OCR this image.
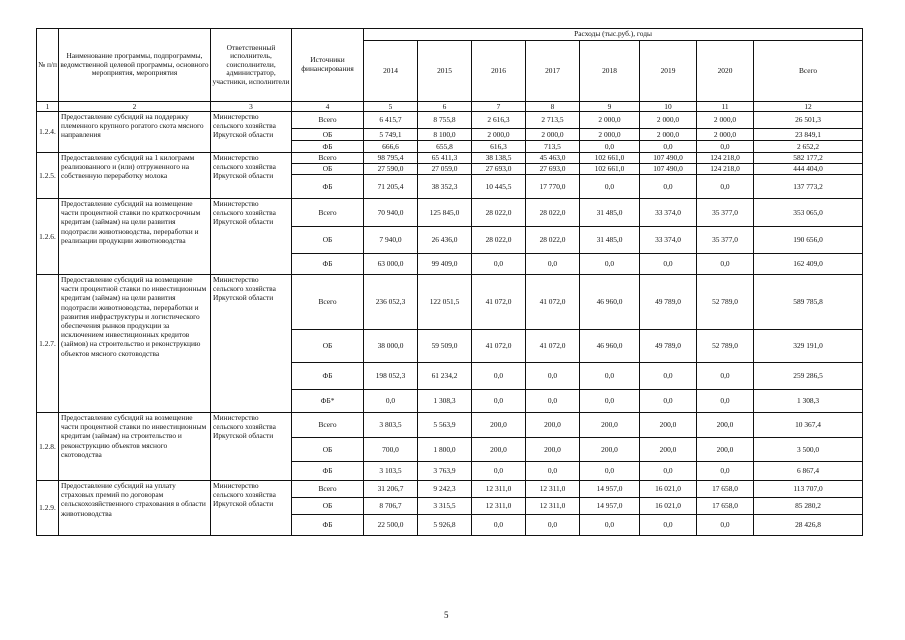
№ п/п	Наименование программы, подпрограммы, ведомственной целевой программы, основного мероприятия, мероприятия	Ответственный исполнитель, соисполнители, администратор, участники, исполнители	Источники финансирования	Расходы (тыс.руб.), годы							
				2014	2015	2016	2017	2018	2019	2020	Всего
1	2	3	4	5	6	7	8	9	10	11	12
1.2.4.	Предоставление субсидий на поддержку племенного крупного рогатого скота мясного направления	Министерство сельского хозяйства Иркутской области	Всего	6 415,7	8 755,8	2 616,3	2 713,5	2 000,0	2 000,0	2 000,0	26 501,3
			ОБ	5 749,1	8 100,0	2 000,0	2 000,0	2 000,0	2 000,0	2 000,0	23 849,1
			ФБ	666,6	655,8	616,3	713,5	0,0	0,0	0,0	2 652,2
1.2.5.	Предоставление субсидий на 1 килограмм реализованного и (или) отгруженного на собственную переработку молока	Министерство сельского хозяйства Иркутской области	Всего	98 795,4	65 411,3	38 138,5	45 463,0	102 661,0	107 490,0	124 218,0	582 177,2
			ОБ	27 590,0	27 059,0	27 693,0	27 693,0	102 661,0	107 490,0	124 218,0	444 404,0
			ФБ	71 205,4	38 352,3	10 445,5	17 770,0	0,0	0,0	0,0	137 773,2
1.2.6.	Предоставление субсидий на возмещение части процентной ставки по краткосрочным кредитам (займам) на цели развития подотрасли животноводства, переработки и реализации продукции животноводства	Министерство сельского хозяйства Иркутской области	Всего	70 940,0	125 845,0	28 022,0	28 022,0	31 485,0	33 374,0	35 377,0	353 065,0
			ОБ	7 940,0	26 436,0	28 022,0	28 022,0	31 485,0	33 374,0	35 377,0	190 656,0
			ФБ	63 000,0	99 409,0	0,0	0,0	0,0	0,0	0,0	162 409,0
1.2.7.	Предоставление субсидий на возмещение части процентной ставки по инвестиционным кредитам (займам) на цели развития подотрасли животноводства, переработки и развития инфраструктуры и логистического обеспечения рынков продукции за исключением инвестиционных кредитов (займов) на строительство и реконструкцию объектов мясного скотоводства	Министерство сельского хозяйства Иркутской области	Всего	236 052,3	122 051,5	41 072,0	41 072,0	46 960,0	49 789,0	52 789,0	589 785,8
			ОБ	38 000,0	59 509,0	41 072,0	41 072,0	46 960,0	49 789,0	52 789,0	329 191,0
			ФБ	198 052,3	61 234,2	0,0	0,0	0,0	0,0	0,0	259 286,5
			ФБ*	0,0	1 308,3	0,0	0,0	0,0	0,0	0,0	1 308,3
1.2.8.	Предоставление субсидий на возмещение части процентной ставки по инвестиционным кредитам (займам) на строительство и реконструкцию объектов мясного скотоводства	Министерство сельского хозяйства Иркутской области	Всего	3 803,5	5 563,9	200,0	200,0	200,0	200,0	200,0	10 367,4
			ОБ	700,0	1 800,0	200,0	200,0	200,0	200,0	200,0	3 500,0
			ФБ	3 103,5	3 763,9	0,0	0,0	0,0	0,0	0,0	6 867,4
1.2.9.	Предоставление субсидий на уплату страховых премий по договорам сельскохозяйственного страхования в области животноводства	Министерство сельского хозяйства Иркутской области	Всего	31 206,7	9 242,3	12 311,0	12 311,0	14 957,0	16 021,0	17 658,0	113 707,0
			ОБ	8 706,7	3 315,5	12 311,0	12 311,0	14 957,0	16 021,0	17 658,0	85 280,2
			ФБ	22 500,0	5 926,8	0,0	0,0	0,0	0,0	0,0	28 426,8
5
